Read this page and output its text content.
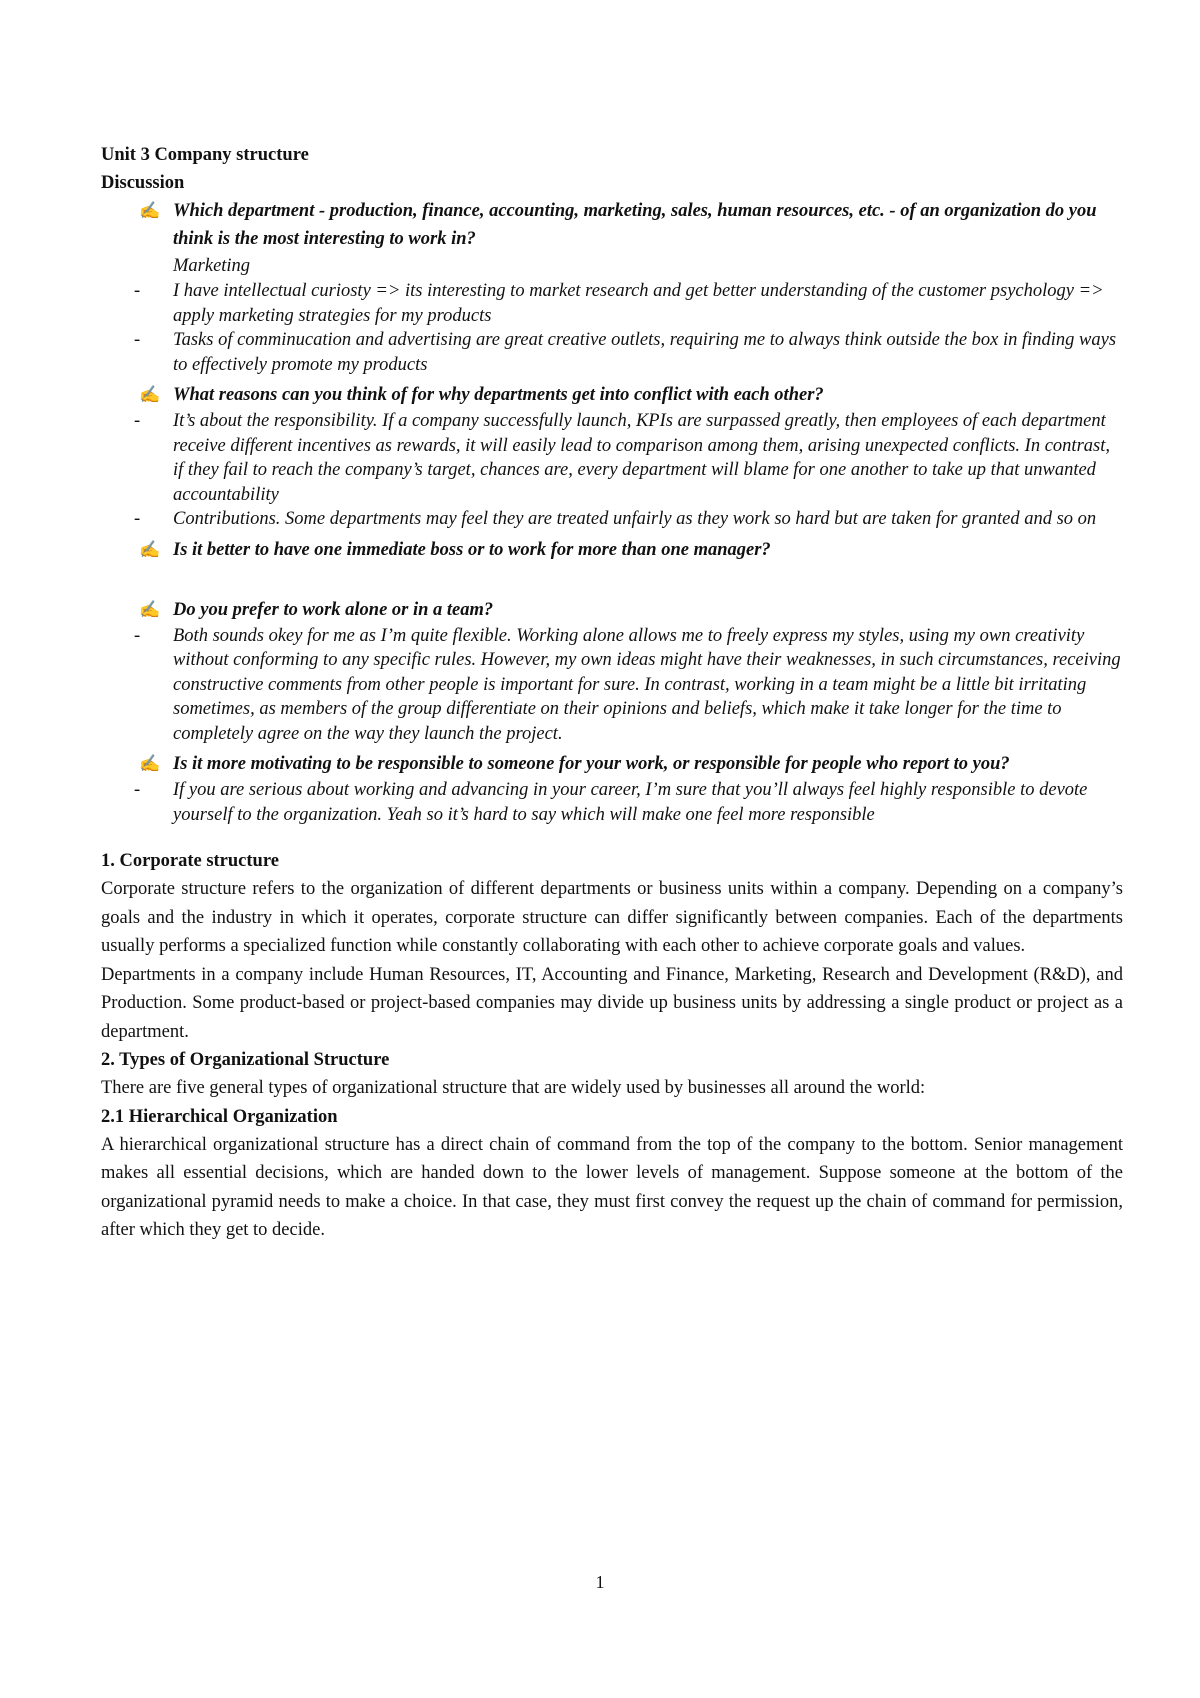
Unit 3 Company structure
Discussion
✍ Which department - production, finance, accounting, marketing, sales, human resources, etc. - of an organization do you think is the most interesting to work in?
Marketing
- I have intellectual curiosty => its interesting to market research and get better understanding of the customer psychology => apply marketing strategies for my products
- Tasks of comminucation and advertising are great creative outlets, requiring me to always think outside the box in finding ways to effectively promote my products
✍ What reasons can you think of for why departments get into conflict with each other?
- It’s about the responsibility. If a company successfully launch, KPIs are surpassed greatly, then employees of each department receive different incentives as rewards, it will easily lead to comparison among them, arising unexpected conflicts. In contrast, if they fail to reach the company’s target, chances are, every department will blame for one another to take up that unwanted accountability
- Contributions. Some departments may feel they are treated unfairly as they work so hard but are taken for granted and so on
✍ Is it better to have one immediate boss or to work for more than one manager?
✍ Do you prefer to work alone or in a team?
- Both sounds okey for me as I’m quite flexible. Working alone allows me to freely express my styles, using my own creativity without conforming to any specific rules. However, my own ideas might have their weaknesses, in such circumstances, receiving constructive comments from other people is important for sure. In contrast, working in a team might be a little bit irritating sometimes, as members of the group differentiate on their opinions and beliefs, which make it take longer for the time to completely agree on the way they launch the project.
✍ Is it more motivating to be responsible to someone for your work, or responsible for people who report to you?
- If you are serious about working and advancing in your career, I’m sure that you’ll always feel highly responsible to devote yourself to the organization. Yeah so it’s hard to say which will make one feel more responsible
1. Corporate structure
Corporate structure refers to the organization of different departments or business units within a company. Depending on a company’s goals and the industry in which it operates, corporate structure can differ significantly between companies. Each of the departments usually performs a specialized function while constantly collaborating with each other to achieve corporate goals and values.
Departments in a company include Human Resources, IT, Accounting and Finance, Marketing, Research and Development (R&D), and Production. Some product-based or project-based companies may divide up business units by addressing a single product or project as a department.
2. Types of Organizational Structure
There are five general types of organizational structure that are widely used by businesses all around the world:
2.1 Hierarchical Organization
A hierarchical organizational structure has a direct chain of command from the top of the company to the bottom. Senior management makes all essential decisions, which are handed down to the lower levels of management. Suppose someone at the bottom of the organizational pyramid needs to make a choice. In that case, they must first convey the request up the chain of command for permission, after which they get to decide.
1
